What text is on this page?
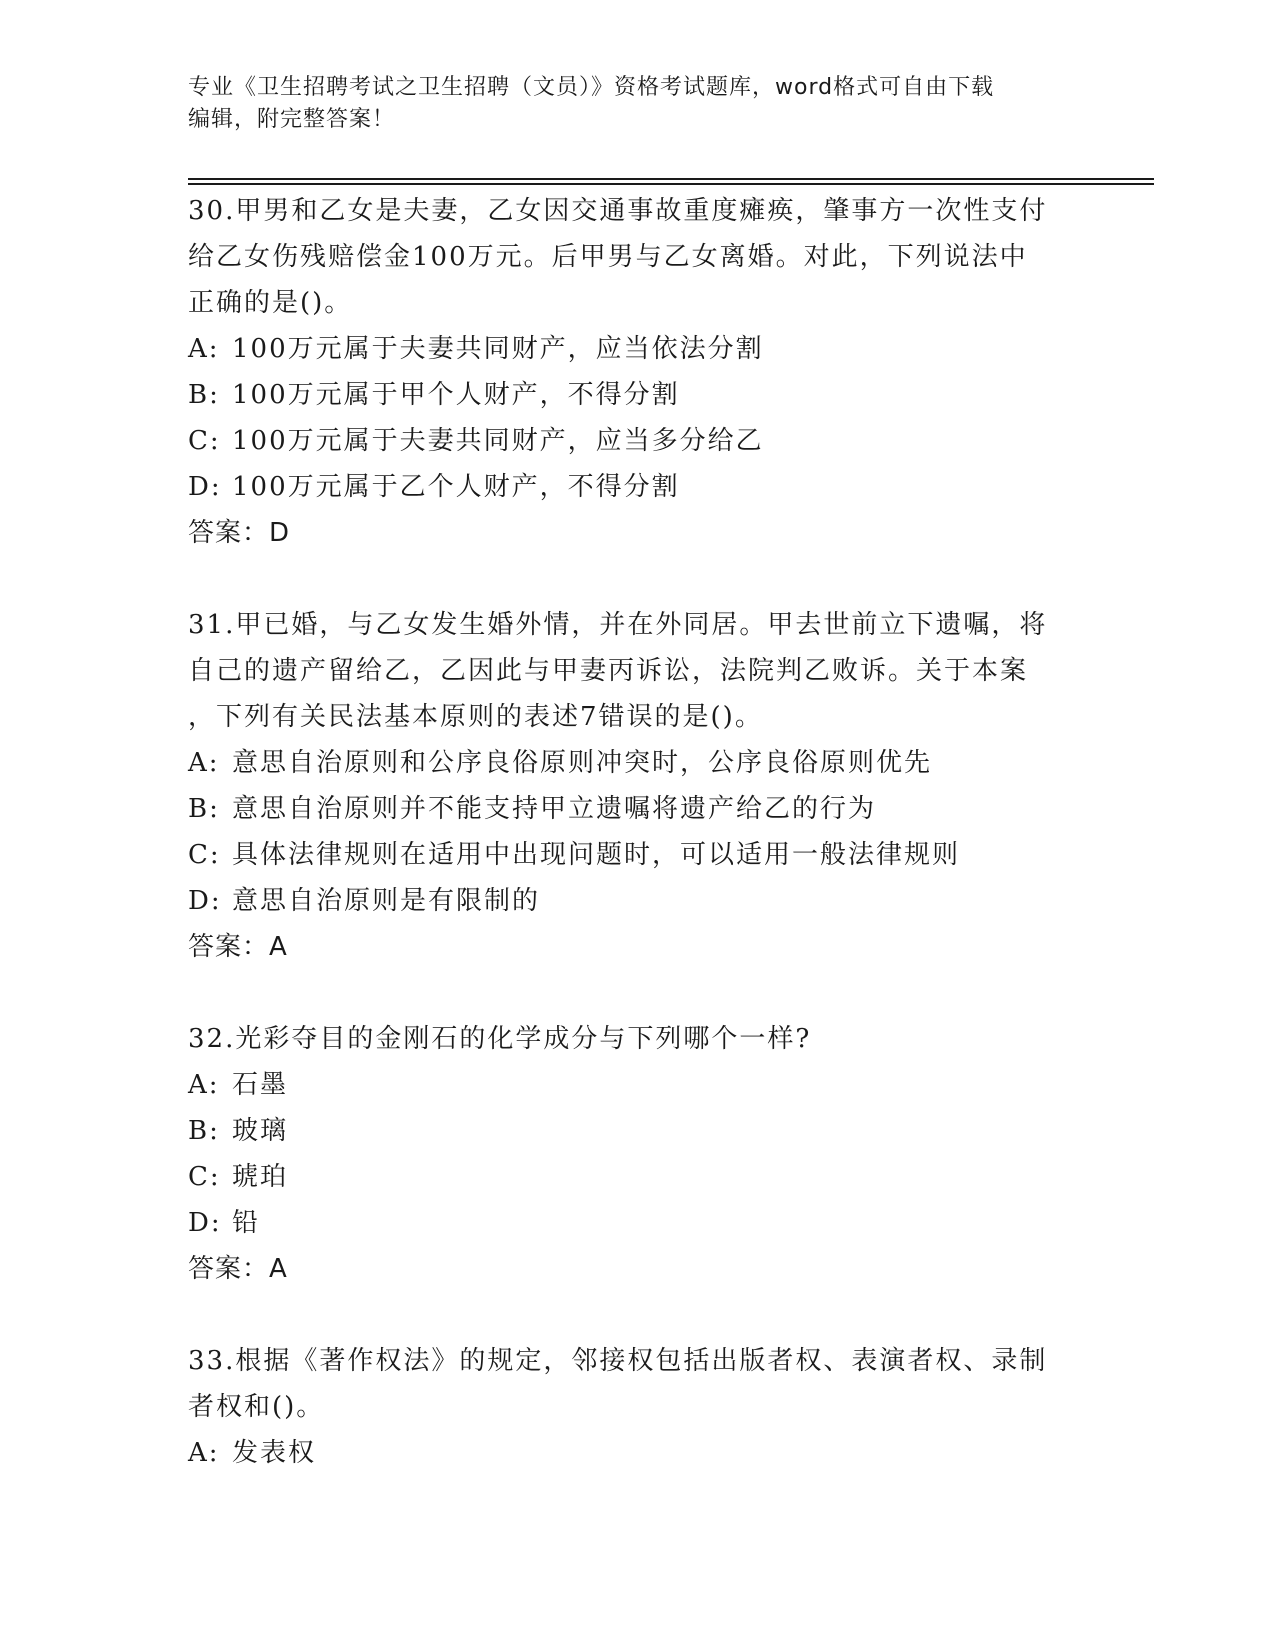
专业《卫生招聘考试之卫生招聘（文员）》资格考试题库，word格式可自由下载
编辑，附完整答案！

30.甲男和乙女是夫妻，乙女因交通事故重度瘫痪，肇事方一次性支付

给乙女伤残赔偿金100万元。后甲男与乙女离婚。对此，下列说法中

正确的是()。

A: 100万元属于夫妻共同财产，应当依法分割

B: 100万元属于甲个人财产，不得分割

C: 100万元属于夫妻共同财产，应当多分给乙

D: 100万元属于乙个人财产，不得分割

答案：D

31.甲已婚，与乙女发生婚外情，并在外同居。甲去世前立下遗嘱，将

自己的遗产留给乙，乙因此与甲妻丙诉讼，法院判乙败诉。关于本案

，下列有关民法基本原则的表述7错误的是()。

A: 意思自治原则和公序良俗原则冲突时，公序良俗原则优先

B: 意思自治原则并不能支持甲立遗嘱将遗产给乙的行为

C: 具体法律规则在适用中出现问题时，可以适用一般法律规则

D: 意思自治原则是有限制的

答案：A

32.光彩夺目的金刚石的化学成分与下列哪个一样?

A: 石墨

B: 玻璃

C: 琥珀

D: 铅

答案：A

33.根据《著作权法》的规定，邻接权包括出版者权、表演者权、录制

者权和()。

A: 发表权
